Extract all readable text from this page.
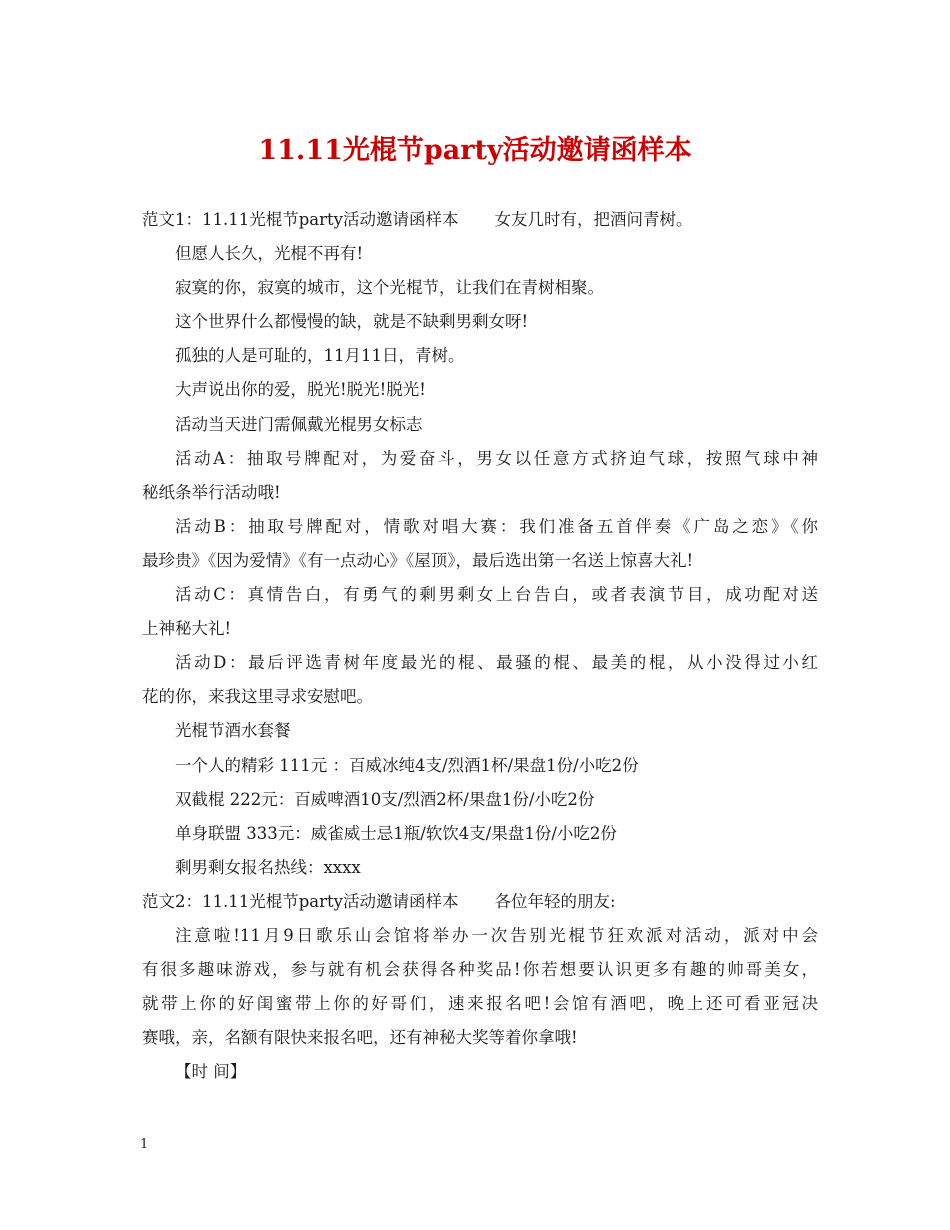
11.11光棍节party活动邀请函样本
范文1：11.11光棍节party活动邀请函样本 女友几时有，把酒问青树。
但愿人长久，光棍不再有!
寂寞的你，寂寞的城市，这个光棍节，让我们在青树相聚。
这个世界什么都慢慢的缺，就是不缺剩男剩女呀!
孤独的人是可耻的，11月11日，青树。
大声说出你的爱，脱光!脱光!脱光!
活动当天进门需佩戴光棍男女标志
活动A：抽取号牌配对，为爱奋斗，男女以任意方式挤迫气球，按照气球中神
秘纸条举行活动哦!
活动B：抽取号牌配对，情歌对唱大赛：我们准备五首伴奏《广岛之恋》《你
最珍贵》《因为爱情》《有一点动心》《屋顶》，最后选出第一名送上惊喜大礼!
活动C：真情告白，有勇气的剩男剩女上台告白，或者表演节目，成功配对送
上神秘大礼!
活动D：最后评选青树年度最光的棍、最骚的棍、最美的棍，从小没得过小红
花的你，来我这里寻求安慰吧。
光棍节酒水套餐
一个人的精彩 111元 ：百威冰纯4支/烈酒1杯/果盘1份/小吃2份
双截棍 222元：百威啤酒10支/烈酒2杯/果盘1份/小吃2份
单身联盟 333元：威雀威士忌1瓶/软饮4支/果盘1份/小吃2份
剩男剩女报名热线：xxxx
范文2：11.11光棍节party活动邀请函样本 各位年轻的朋友:
注意啦!11月9日歌乐山会馆将举办一次告别光棍节狂欢派对活动，派对中会
有很多趣味游戏，参与就有机会获得各种奖品!你若想要认识更多有趣的帅哥美女，
就带上你的好闺蜜带上你的好哥们，速来报名吧!会馆有酒吧，晚上还可看亚冠决
赛哦，亲，名额有限快来报名吧，还有神秘大奖等着你拿哦!
【时 间】
1
